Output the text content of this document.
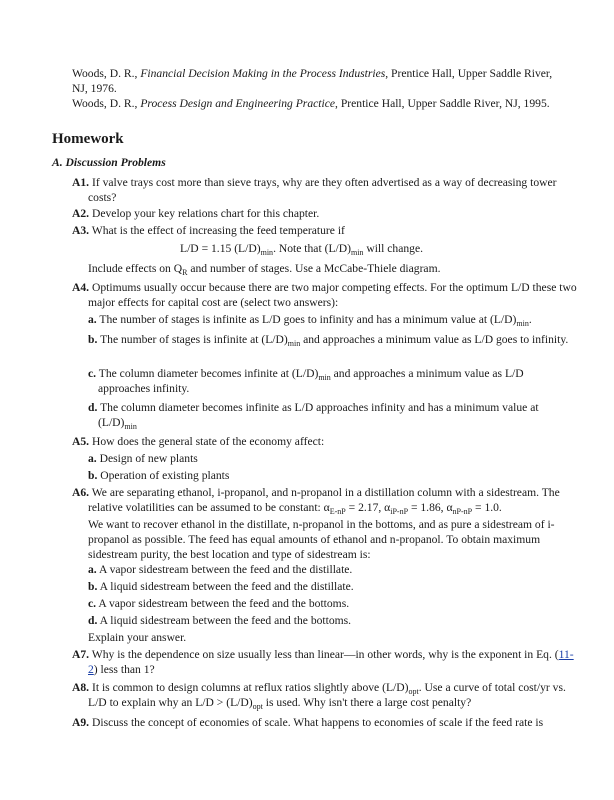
Woods, D. R., Financial Decision Making in the Process Industries, Prentice Hall, Upper Saddle River, NJ, 1976.
Woods, D. R., Process Design and Engineering Practice, Prentice Hall, Upper Saddle River, NJ, 1995.
Homework
A. Discussion Problems
A1. If valve trays cost more than sieve trays, why are they often advertised as a way of decreasing tower costs?
A2. Develop your key relations chart for this chapter.
A3. What is the effect of increasing the feed temperature if
L/D = 1.15 $(L/D)_{min}$. Note that $(L/D)_{min}$ will change.
Include effects on $Q_R$ and number of stages. Use a McCabe-Thiele diagram.
A4. Optimums usually occur because there are two major competing effects. For the optimum L/D these two major effects for capital cost are (select two answers):
a. The number of stages is infinite as L/D goes to infinity and has a minimum value at $(L/D)_{min}$.
b. The number of stages is infinite at $(L/D)_{min}$ and approaches a minimum value as L/D goes to infinity.
c. The column diameter becomes infinite at $(L/D)_{min}$ and approaches a minimum value as L/D approaches infinity.
d. The column diameter becomes infinite as L/D approaches infinity and has a minimum value at $(L/D)_{min}$
A5. How does the general state of the economy affect:
a. Design of new plants
b. Operation of existing plants
A6. We are separating ethanol, i-propanol, and n-propanol in a distillation column with a sidestream. The relative volatilities can be assumed to be constant: $\alpha_{E-nP} = 2.17$, $\alpha_{iP-nP} = 1.86$, $\alpha_{nP-nP} = 1.0$.
We want to recover ethanol in the distillate, n-propanol in the bottoms, and as pure a sidestream of i-propanol as possible. The feed has equal amounts of ethanol and n-propanol. To obtain maximum sidestream purity, the best location and type of sidestream is:
a. A vapor sidestream between the feed and the distillate.
b. A liquid sidestream between the feed and the distillate.
c. A vapor sidestream between the feed and the bottoms.
d. A liquid sidestream between the feed and the bottoms.
Explain your answer.
A7. Why is the dependence on size usually less than linear—in other words, why is the exponent in Eq. (11-2) less than 1?
A8. It is common to design columns at reflux ratios slightly above $(L/D)_{opt}$. Use a curve of total cost/yr vs. L/D to explain why an $L/D > (L/D)_{opt}$ is used. Why isn't there a large cost penalty?
A9. Discuss the concept of economies of scale. What happens to economies of scale if the feed rate is
